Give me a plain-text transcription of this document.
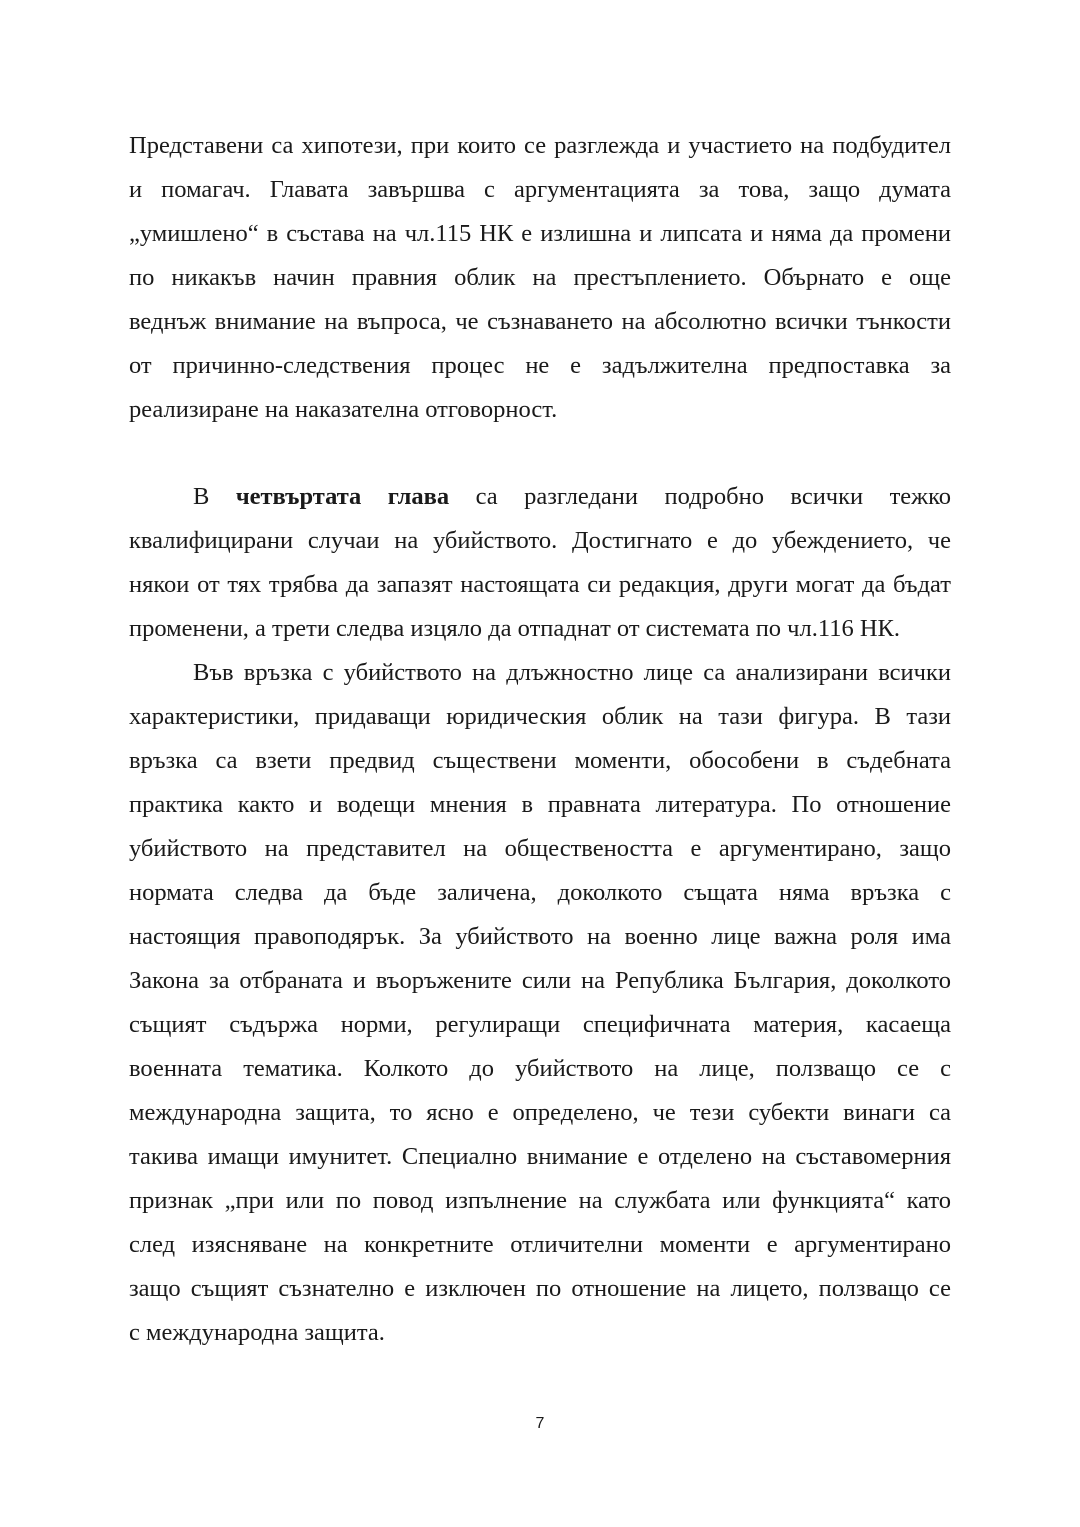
Представени са хипотези, при които се разглежда и участието на подбудител
и помагач. Главата завършва с аргументацията за това, защо думата
„умишлено“ в състава на чл.115 НК е излишна и липсата и няма да промени
по никакъв начин правния облик на престъплението. Обърнато е още
веднъж внимание на въпроса, че съзнаването на абсолютно всички тънкости
от причинно-следствения процес не е задължителна предпоставка за
реализиране на наказателна отговорност.
В четвъртата глава са разгледани подробно всички тежко
квалифицирани случаи на убийството. Достигнато е до убеждението, че
някои от тях трябва да запазят настоящата си редакция, други могат да бъдат
променени, а трети следва изцяло да отпаднат от системата по чл.116 НК.
Във връзка с убийството на длъжностно лице са анализирани всички
характеристики, придаващи юридическия облик на тази фигура. В тази
връзка са взети предвид съществени моменти, обособени в съдебната
практика както и водещи мнения в правната литература. По отношение
убийството на представител на обществеността е аргументирано, защо
нормата следва да бъде заличена, доколкото същата няма връзка с
настоящия правоподярък. За убийството на военно лице важна роля има
Закона за отбраната и въоръжените сили на Република България, доколкото
същият съдържа норми, регулиращи специфичната материя, касаеща
военната тематика. Колкото до убийството на лице, ползващо се с
международна защита, то ясно е определено, че тези субекти винаги са
такива имащи имунитет. Специално внимание е отделено на съставомерния
признак „при или по повод изпълнение на службата или функцията“ като
след изясняване на конкретните отличителни моменти е аргументирано
защо същият съзнателно е изключен по отношение на лицето, ползващо се
с международна защита.
7
